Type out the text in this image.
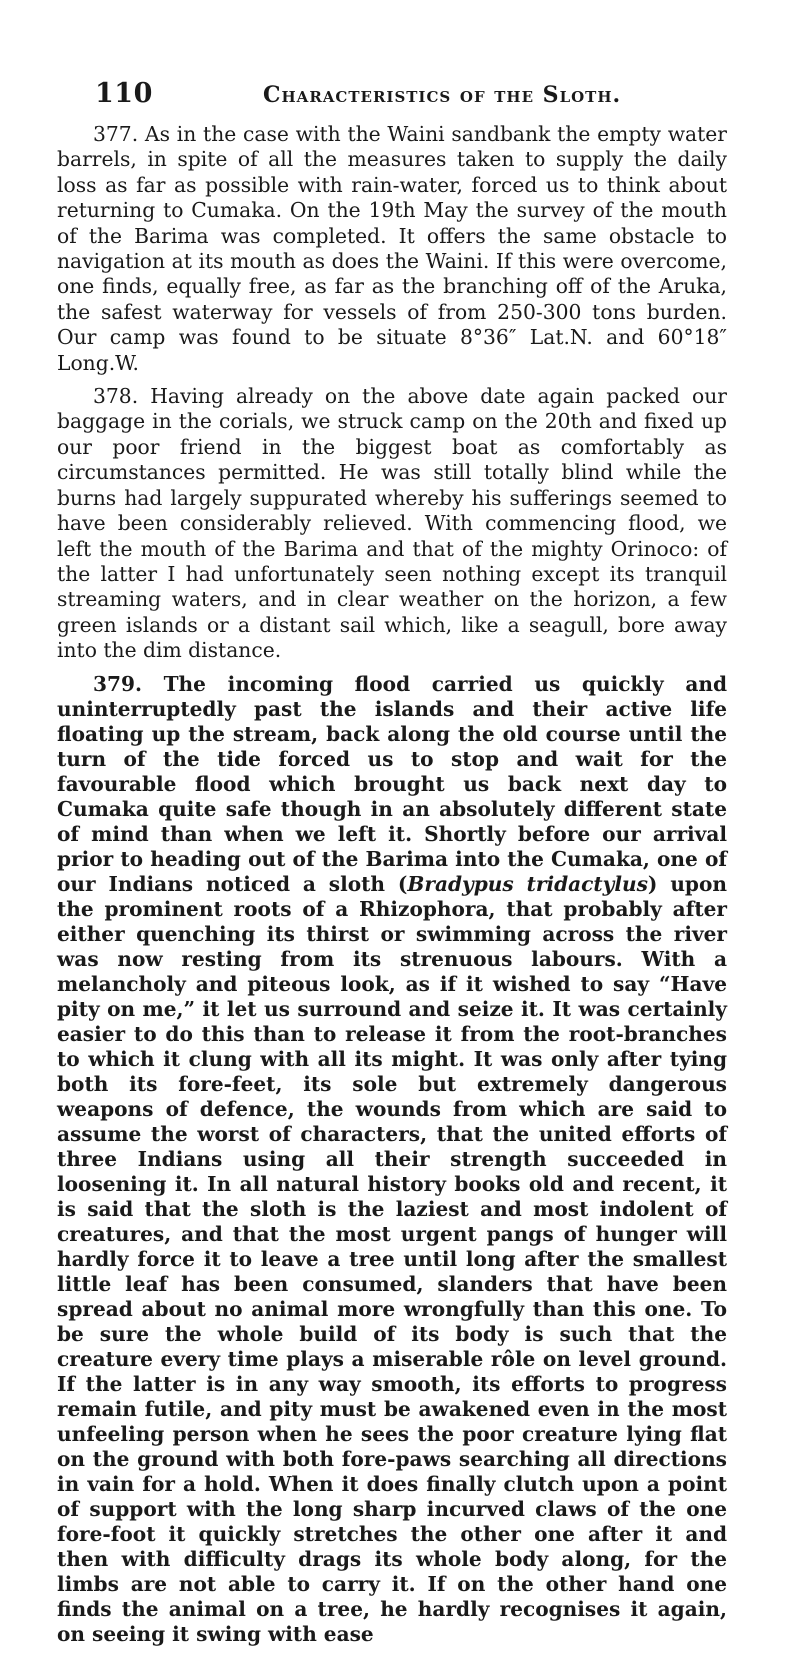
110	Characteristics of the Sloth.

377. As in the case with the Waini sandbank the empty water barrels, in spite of all the measures taken to supply the daily loss as far as possible with rain-water, forced us to think about returning to Cumaka. On the 19th May the survey of the mouth of the Barima was completed. It offers the same obstacle to navigation at its mouth as does the Waini. If this were overcome, one finds, equally free, as far as the branching off of the Aruka, the safest waterway for vessels of from 250-300 tons burden. Our camp was found to be situate 8°36″ Lat.N. and 60°18″ Long.W.

378. Having already on the above date again packed our baggage in the corials, we struck camp on the 20th and fixed up our poor friend in the biggest boat as comfortably as circumstances permitted. He was still totally blind while the burns had largely suppurated whereby his sufferings seemed to have been considerably relieved. With commencing flood, we left the mouth of the Barima and that of the mighty Orinoco: of the latter I had unfortunately seen nothing except its tranquil streaming waters, and in clear weather on the horizon, a few green islands or a distant sail which, like a seagull, bore away into the dim distance.

379. The incoming flood carried us quickly and uninterruptedly past the islands and their active life floating up the stream, back along the old course until the turn of the tide forced us to stop and wait for the favourable flood which brought us back next day to Cumaka quite safe though in an absolutely different state of mind than when we left it. Shortly before our arrival prior to heading out of the Barima into the Cumaka, one of our Indians noticed a sloth (Bradypus tridactylus) upon the prominent roots of a Rhizophora, that probably after either quenching its thirst or swimming across the river was now resting from its strenuous labours. With a melancholy and piteous look, as if it wished to say “Have pity on me,” it let us surround and seize it. It was certainly easier to do this than to release it from the root-branches to which it clung with all its might. It was only after tying both its fore-feet, its sole but extremely dangerous weapons of defence, the wounds from which are said to assume the worst of characters, that the united efforts of three Indians using all their strength succeeded in loosening it. In all natural history books old and recent, it is said that the sloth is the laziest and most indolent of creatures, and that the most urgent pangs of hunger will hardly force it to leave a tree until long after the smallest little leaf has been consumed, slanders that have been spread about no animal more wrongfully than this one. To be sure the whole build of its body is such that the creature every time plays a miserable rôle on level ground. If the latter is in any way smooth, its efforts to progress remain futile, and pity must be awakened even in the most unfeeling person when he sees the poor creature lying flat on the ground with both fore-paws searching all directions in vain for a hold. When it does finally clutch upon a point of support with the long sharp incurved claws of the one fore-foot it quickly stretches the other one after it and then with difficulty drags its whole body along, for the limbs are not able to carry it. If on the other hand one finds the animal on a tree, he hardly recognises it again, on seeing it swing with ease
